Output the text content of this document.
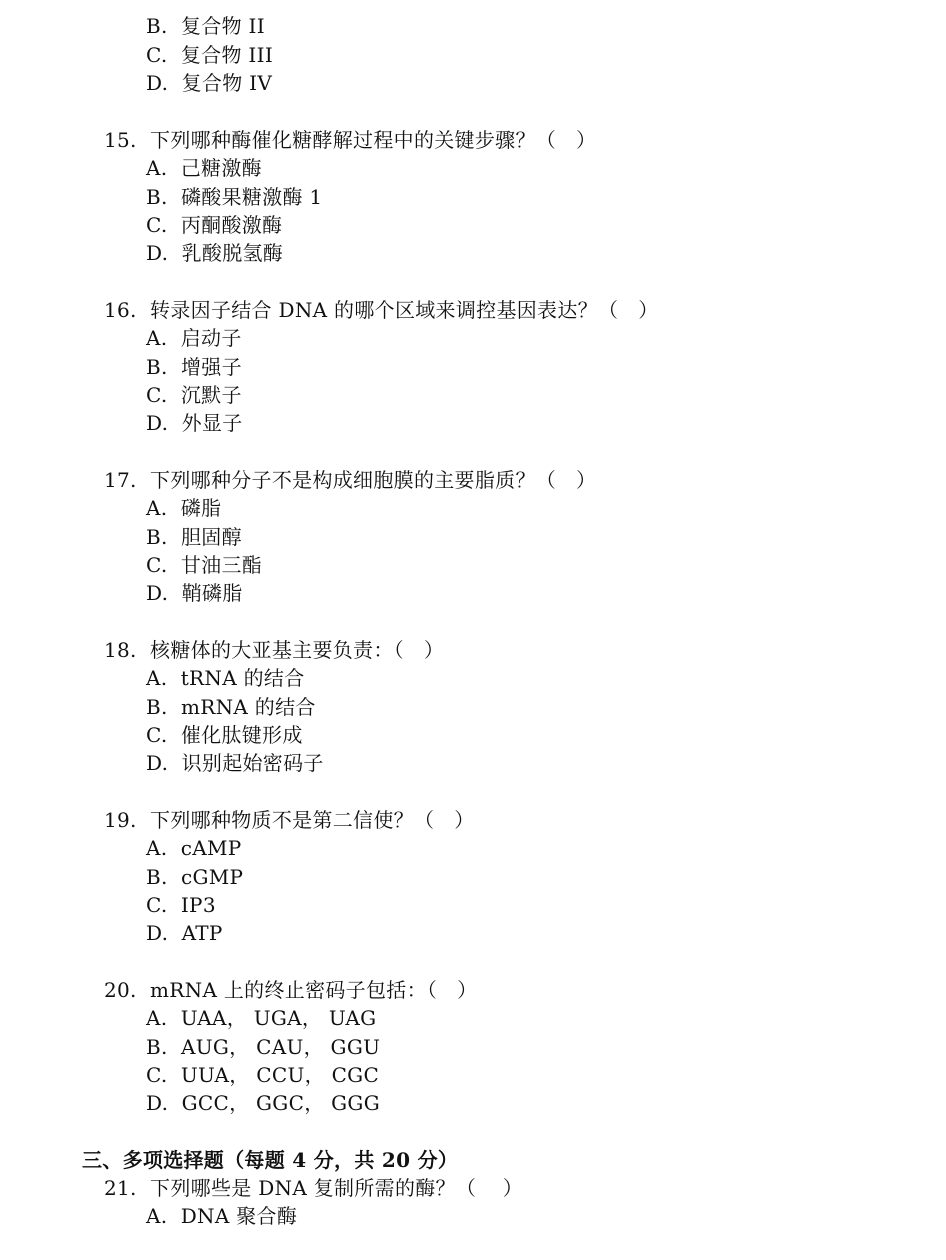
B.  复合物 II
C.  复合物 III
D.  复合物 IV
15. 下列哪种酶催化糖酵解过程中的关键步骤？（   ）
A.  己糖激酶
B.  磷酸果糖激酶 1
C.  丙酮酸激酶
D.  乳酸脱氢酶
16. 转录因子结合 DNA 的哪个区域来调控基因表达？（   ）
A.  启动子
B.  增强子
C.  沉默子
D.  外显子
17. 下列哪种分子不是构成细胞膜的主要脂质？（   ）
A.  磷脂
B.  胆固醇
C.  甘油三酯
D.  鞘磷脂
18. 核糖体的大亚基主要负责：（   ）
A.  tRNA 的结合
B.  mRNA 的结合
C.  催化肽键形成
D.  识别起始密码子
19. 下列哪种物质不是第二信使？（   ）
A.  cAMP
B.  cGMP
C.  IP3
D.  ATP
20. mRNA 上的终止密码子包括：（   ）
A.  UAA， UGA， UAG
B.  AUG， CAU， GGU
C.  UUA， CCU， CGC
D.  GCC， GGC， GGG
三、多项选择题（每题 4 分，共 20 分）
21. 下列哪些是 DNA 复制所需的酶？（    ）
A.  DNA 聚合酶
